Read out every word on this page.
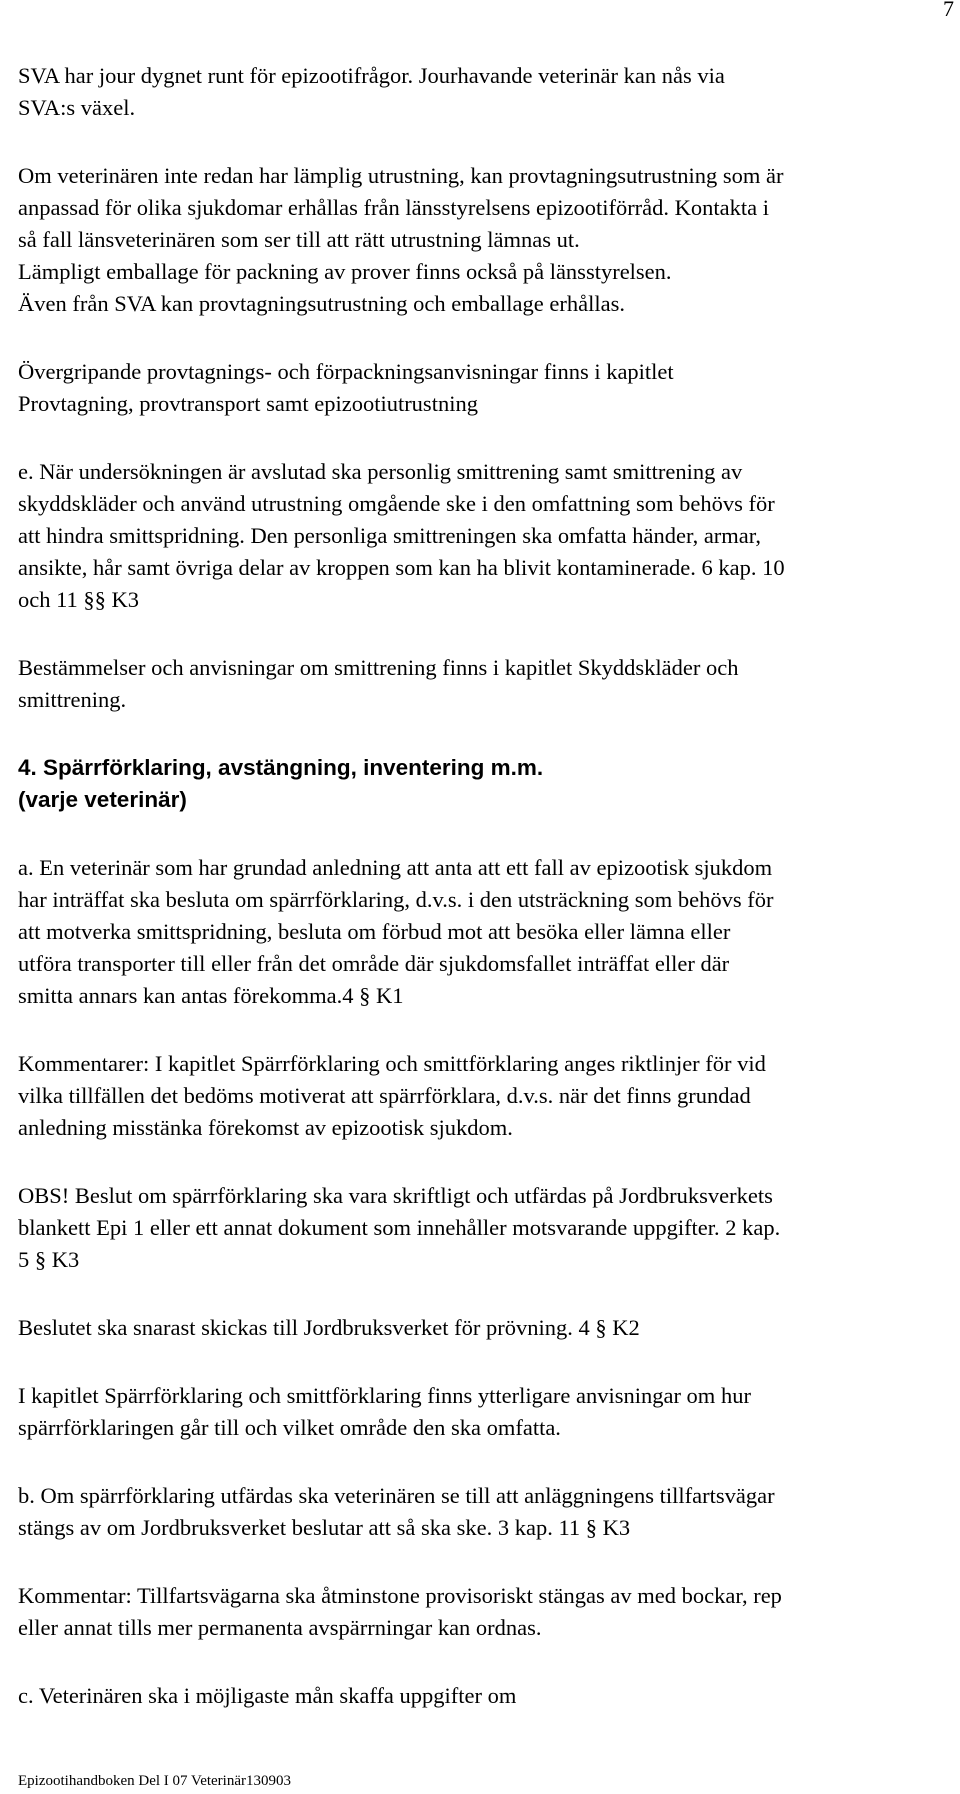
7
SVA har jour dygnet runt för epizootifrågor. Jourhavande veterinär kan nås via
SVA:s växel.
Om veterinären inte redan har lämplig utrustning, kan provtagningsutrustning som är
anpassad för olika sjukdomar erhållas från länsstyrelsens epizootiförråd. Kontakta i
så fall länsveterinären som ser till att rätt utrustning lämnas ut.
Lämpligt emballage för packning av prover finns också på länsstyrelsen.
Även från SVA kan provtagningsutrustning och emballage erhållas.
Övergripande provtagnings- och förpackningsanvisningar finns i kapitlet
Provtagning, provtransport samt epizootiutrustning
e. När undersökningen är avslutad ska personlig smittrening samt smittrening av
skyddskläder och använd utrustning omgående ske i den omfattning som behövs för
att hindra smittspridning. Den personliga smittreningen ska omfatta händer, armar,
ansikte, hår samt övriga delar av kroppen som kan ha blivit kontaminerade. 6 kap. 10
och 11 §§ K3
Bestämmelser och anvisningar om smittrening finns i kapitlet Skyddskläder och
smittrening.
4. Spärrförklaring, avstängning, inventering m.m.
(varje veterinär)
a. En veterinär som har grundad anledning att anta att ett fall av epizootisk sjukdom
har inträffat ska besluta om spärrförklaring, d.v.s. i den utsträckning som behövs för
att motverka smittspridning, besluta om förbud mot att besöka eller lämna eller
utföra transporter till eller från det område där sjukdomsfallet inträffat eller där
smitta annars kan antas förekomma.4 § K1
Kommentarer: I kapitlet Spärrförklaring och smittförklaring anges riktlinjer för vid
vilka tillfällen det bedöms motiverat att spärrförklara, d.v.s. när det finns grundad
anledning misstänka förekomst av epizootisk sjukdom.
OBS! Beslut om spärrförklaring ska vara skriftligt och utfärdas på Jordbruksverkets
blankett Epi 1 eller ett annat dokument som innehåller motsvarande uppgifter. 2 kap.
5 § K3
Beslutet ska snarast skickas till Jordbruksverket för prövning. 4 § K2
I kapitlet Spärrförklaring och smittförklaring finns ytterligare anvisningar om hur
spärrförklaringen går till och vilket område den ska omfatta.
b. Om spärrförklaring utfärdas ska veterinären se till att anläggningens tillfartsvägar
stängs av om Jordbruksverket beslutar att så ska ske. 3 kap. 11 § K3
Kommentar: Tillfartsvägarna ska åtminstone provisoriskt stängas av med bockar, rep
eller annat tills mer permanenta avspärrningar kan ordnas.
c. Veterinären ska i möjligaste mån skaffa uppgifter om
Epizootihandboken Del I 07 Veterinär130903
